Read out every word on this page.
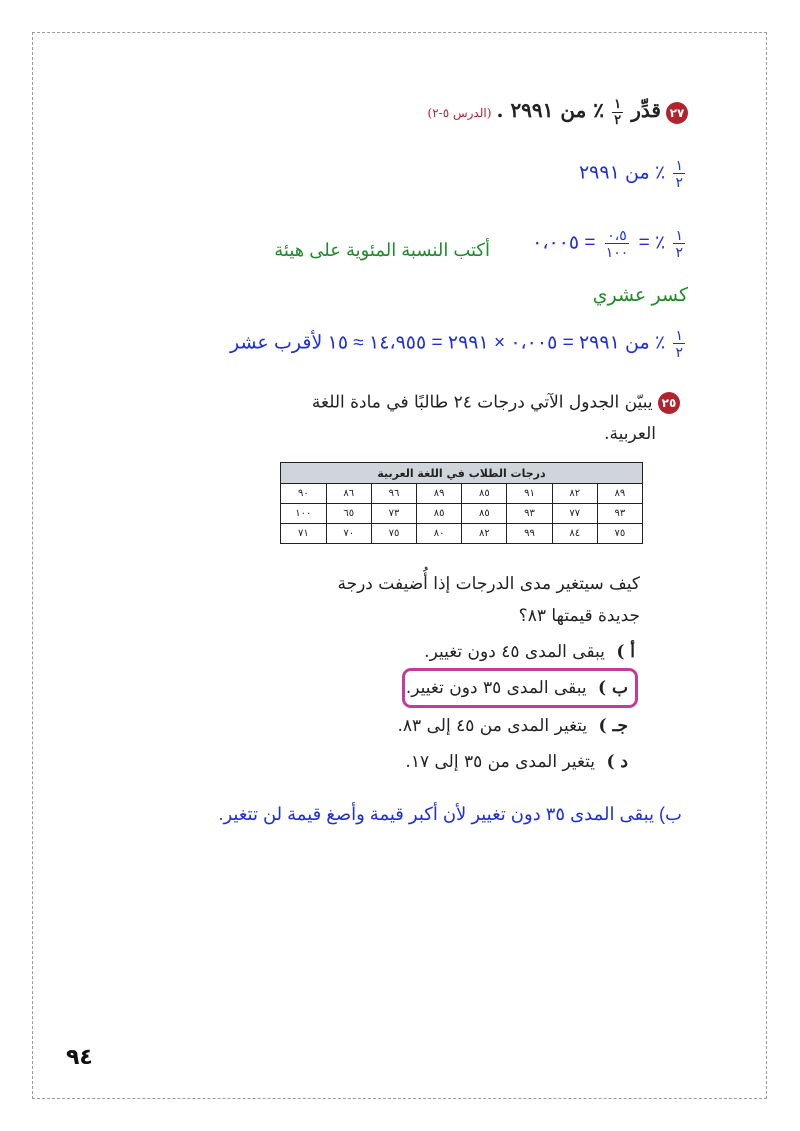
٢٧ قدِّر
$\frac{١}{٢}$
٪ من ٢٩٩١ . (الدرس ٥-٢)
$\frac{١}{٢}$
٪ من ٢٩٩١
$\frac{١}{٢}$
٪ =
$\frac{٠،٥}{١٠٠}$
= ٠،٠٠٥
أكتب النسبة المئوية على هيئة
كسر عشري
$\frac{١}{٢}$
٪ من ٢٩٩١ = ٠،٠٠٥ × ٢٩٩١ = ١٤،٩٥٥ ≈ ١٥ لأقرب عشر
٢٥ يبيّن الجدول الآتي درجات ٢٤ طالبًا في مادة اللغة
العربية.
درجات الطلاب في اللغة العربية							
٨٩	٨٢	٩١	٨٥	٨٩	٩٦	٨٦	٩٠
٩٣	٧٧	٩٣	٨٥	٨٥	٧٣	٦٥	١٠٠
٧٥	٨٤	٩٩	٨٢	٨٠	٧٥	٧٠	٧١
كيف سيتغير مدى الدرجات إذا أُضيفت درجة
جديدة قيمتها ٨٣؟
أ ) يبقى المدى ٤٥ دون تغيير.
ب ) يبقى المدى ٣٥ دون تغيير.
جـ ) يتغير المدى من ٤٥ إلى ٨٣.
د ) يتغير المدى من ٣٥ إلى ١٧.
ب) يبقى المدى ٣٥ دون تغيير لأن أكبر قيمة وأصغ قيمة لن تتغير.
٩٤
